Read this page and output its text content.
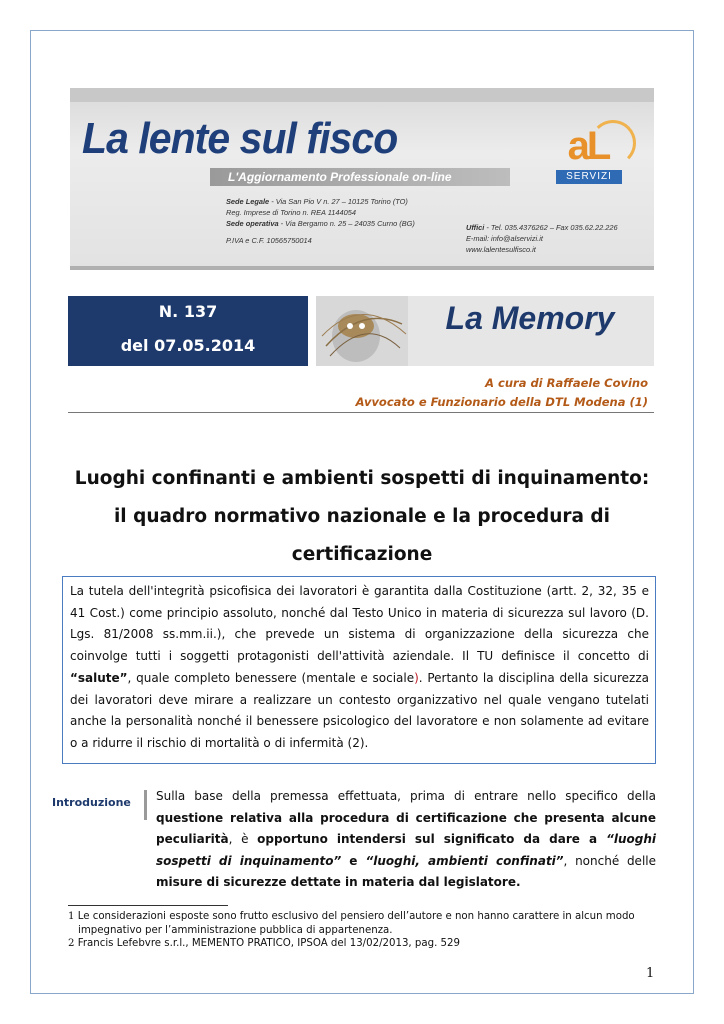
La lente sul fisco
L'Aggiornamento Professionale on-line
aL
SERVIZI
Sede Legale - Via San Pio V n. 27 – 10125 Torino (TO)
Reg. Imprese di Torino n. REA 1144054
Sede operativa - Via Bergamo n. 25 – 24035 Curno (BG)
P.IVA e C.F. 10565750014
Uffici - Tel. 035.4376262 – Fax 035.62.22.226
E-mail: info@alservizi.it
www.lalentesulfisco.it
N. 137
del 07.05.2014
La Memory
A cura di Raffaele Covino
Avvocato e Funzionario della DTL Modena (1)
Luoghi confinanti e ambienti sospetti di inquinamento:
il quadro normativo nazionale e la procedura di
certificazione
La tutela dell'integrità psicofisica dei lavoratori è garantita dalla Costituzione (artt. 2, 32, 35 e 41 Cost.) come principio assoluto, nonché dal Testo Unico in materia di sicurezza sul lavoro (D. Lgs. 81/2008 ss.mm.ii.), che prevede un sistema di organizzazione della sicurezza che coinvolge tutti i soggetti protagonisti dell'attività aziendale. Il TU definisce il concetto di “salute”, quale completo benessere (mentale e sociale). Pertanto la disciplina della sicurezza dei lavoratori deve mirare a realizzare un contesto organizzativo nel quale vengano tutelati anche la personalità nonché il benessere psicologico del lavoratore e non solamente ad evitare o a ridurre il rischio di mortalità o di infermità (2).
Introduzione Sulla base della premessa effettuata, prima di entrare nello specifico della questione relativa alla procedura di certificazione che presenta alcune peculiarità, è opportuno intendersi sul significato da dare a “luoghi sospetti di inquinamento” e “luoghi, ambienti confinati”, nonché delle misure di sicurezze dettate in materia dal legislatore.

1 Le considerazioni esposte sono frutto esclusivo del pensiero dell’autore e non hanno carattere in alcun modo

impegnativo per l’amministrazione pubblica di appartenenza.

2 Francis Lefebvre s.r.l., MEMENTO PRATICO, IPSOA del 13/02/2013, pag. 529

1
